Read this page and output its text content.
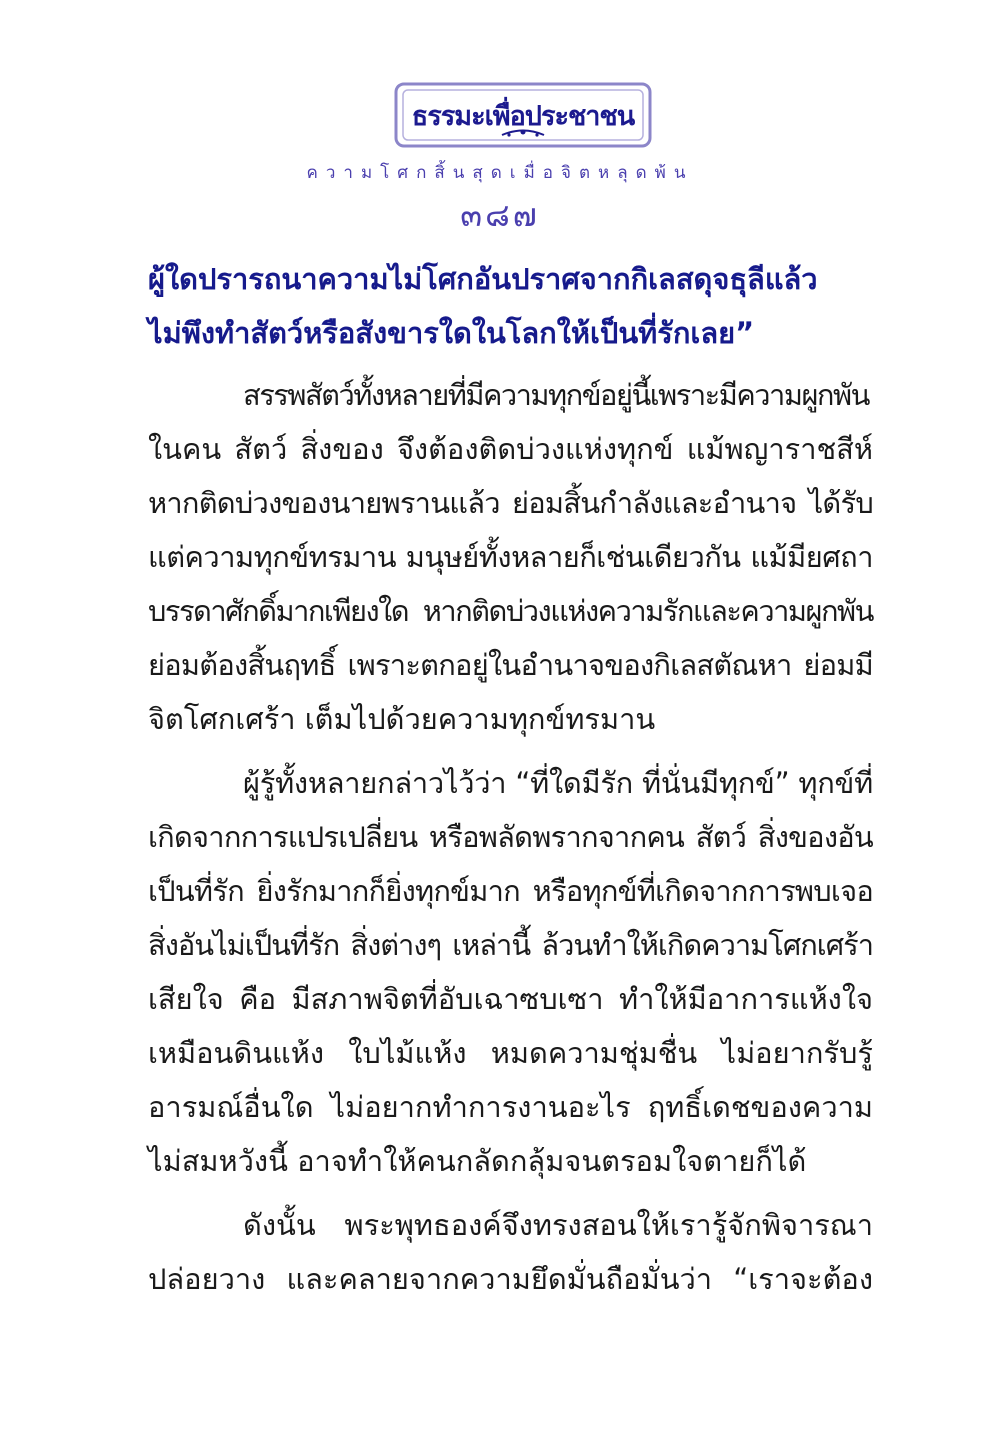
ธรรมะเพื่อประชาชน
ความโศกสิ้นสุดเมื่อจิตหลุดพ้น
๓๘๗
ผู้ใดปรารถนาความไม่โศกอันปราศจากกิเลสดุจธุลีแล้ว
ไม่พึงทำสัตว์หรือสังขารใดในโลกให้เป็นที่รักเลย”
สรรพสัตว์ทั้งหลายที่มีความทุกข์อยู่นี้เพราะมีความผูกพัน
ในคน สัตว์ สิ่งของ จึงต้องติดบ่วงแห่งทุกข์ แม้พญาราชสีห์
หากติดบ่วงของนายพรานแล้ว ย่อมสิ้นกำลังและอำนาจ ได้รับ
แต่ความทุกข์ทรมาน มนุษย์ทั้งหลายก็เช่นเดียวกัน แม้มียศถา
บรรดาศักดิ์มากเพียงใด หากติดบ่วงแห่งความรักและความผูกพัน
ย่อมต้องสิ้นฤทธิ์ เพราะตกอยู่ในอำนาจของกิเลสตัณหา ย่อมมี
จิตโศกเศร้า เต็มไปด้วยความทุกข์ทรมาน
ผู้รู้ทั้งหลายกล่าวไว้ว่า “ที่ใดมีรัก ที่นั่นมีทุกข์” ทุกข์ที่
เกิดจากการแปรเปลี่ยน หรือพลัดพรากจากคน สัตว์ สิ่งของอัน
เป็นที่รัก ยิ่งรักมากก็ยิ่งทุกข์มาก หรือทุกข์ที่เกิดจากการพบเจอ
สิ่งอันไม่เป็นที่รัก สิ่งต่างๆ เหล่านี้ ล้วนทำให้เกิดความโศกเศร้า
เสียใจ คือ มีสภาพจิตที่อับเฉาซบเซา ทำให้มีอาการแห้งใจ
เหมือนดินแห้ง ใบไม้แห้ง หมดความชุ่มชื่น ไม่อยากรับรู้
อารมณ์อื่นใด ไม่อยากทำการงานอะไร ฤทธิ์เดชของความ
ไม่สมหวังนี้ อาจทำให้คนกลัดกลุ้มจนตรอมใจตายก็ได้
ดังนั้น พระพุทธองค์จึงทรงสอนให้เรารู้จักพิจารณา
ปล่อยวาง และคลายจากความยึดมั่นถือมั่นว่า “เราจะต้อง
